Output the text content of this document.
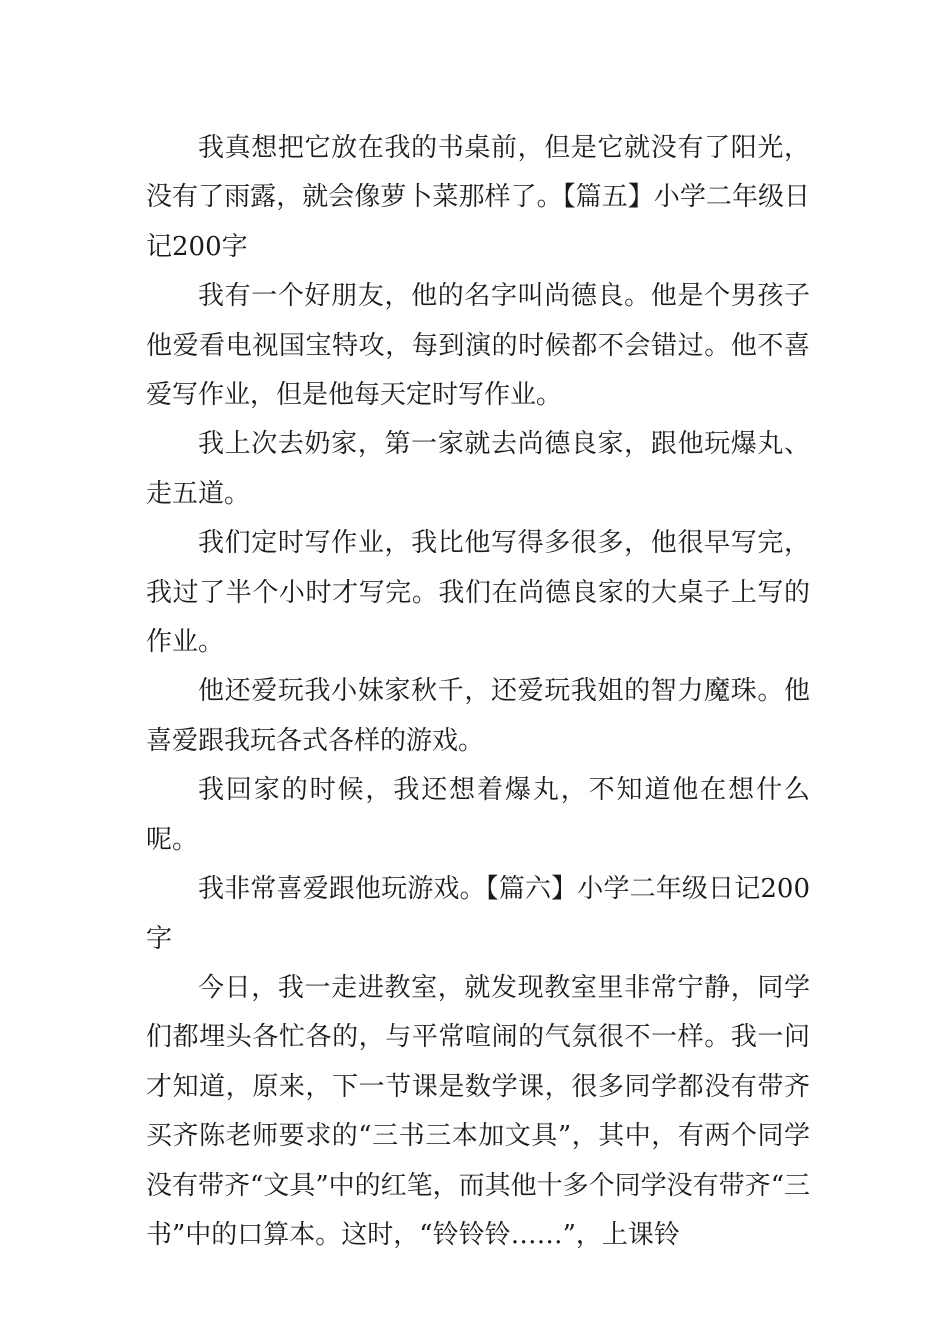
我真想把它放在我的书桌前，但是它就没有了阳光，没有了雨露，就会像萝卜菜那样了。【篇五】小学二年级日记200字

我有一个好朋友，他的名字叫尚德良。他是个男孩子他爱看电视国宝特攻，每到演的时候都不会错过。他不喜爱写作业，但是他每天定时写作业。

我上次去奶家，第一家就去尚德良家，跟他玩爆丸、走五道。

我们定时写作业，我比他写得多很多，他很早写完，我过了半个小时才写完。我们在尚德良家的大桌子上写的作业。

他还爱玩我小妹家秋千，还爱玩我姐的智力魔珠。他喜爱跟我玩各式各样的游戏。

我回家的时候，我还想着爆丸，不知道他在想什么呢。

我非常喜爱跟他玩游戏。【篇六】小学二年级日记200字

今日，我一走进教室，就发现教室里非常宁静，同学们都埋头各忙各的，与平常喧闹的气氛很不一样。我一问才知道，原来，下一节课是数学课，很多同学都没有带齐买齐陈老师要求的“三书三本加文具”，其中，有两个同学没有带齐“文具”中的红笔，而其他十多个同学没有带齐“三书”中的口算本。这时，“铃铃铃……”，上课铃
